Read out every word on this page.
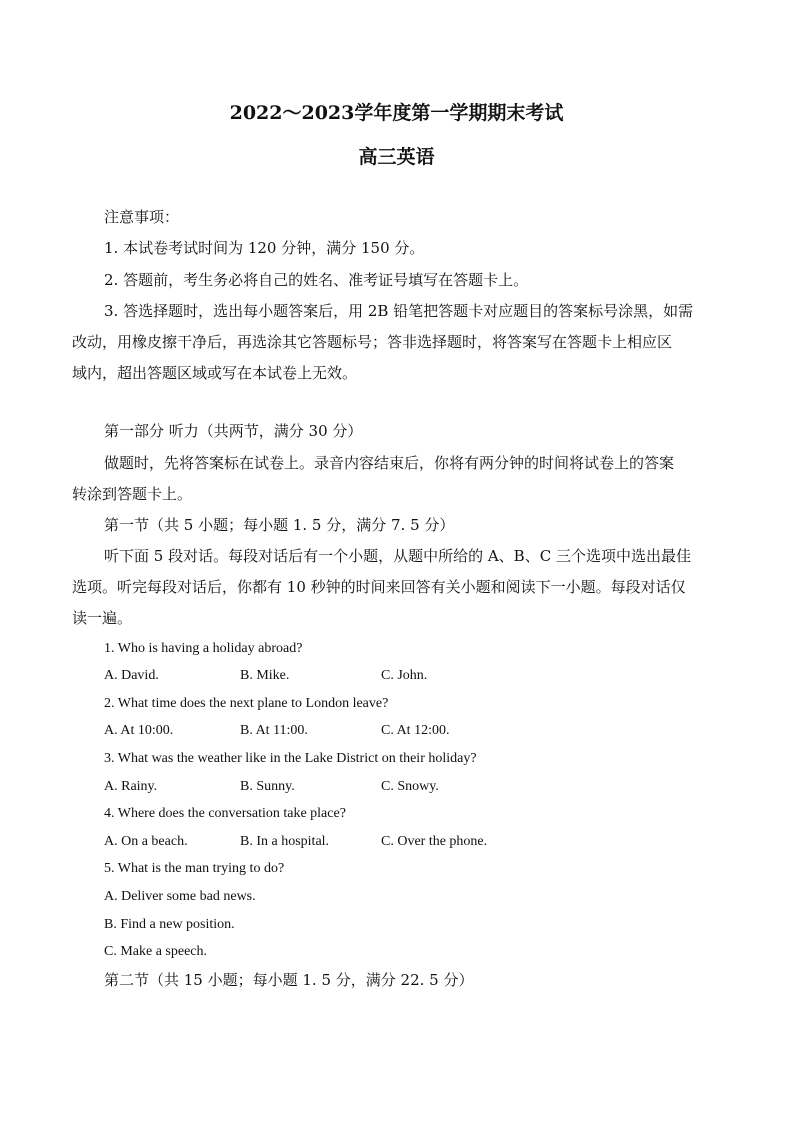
2022～2023学年度第一学期期末考试
高三英语
注意事项：
1. 本试卷考试时间为 120 分钟，满分 150 分。
2. 答题前，考生务必将自己的姓名、准考证号填写在答题卡上。
3. 答选择题时，选出每小题答案后，用 2B 铅笔把答题卡对应题目的答案标号涂黑，如需
改动，用橡皮擦干净后，再选涂其它答题标号；答非选择题时，将答案写在答题卡上相应区
域内，超出答题区域或写在本试卷上无效。
第一部分 听力（共两节，满分 30 分）
做题时，先将答案标在试卷上。录音内容结束后，你将有两分钟的时间将试卷上的答案
转涂到答题卡上。
第一节（共 5 小题；每小题 1. 5 分，满分 7. 5 分）
听下面 5 段对话。每段对话后有一个小题，从题中所给的 A、B、C 三个选项中选出最佳
选项。听完每段对话后，你都有 10 秒钟的时间来回答有关小题和阅读下一小题。每段对话仅
读一遍。
1. Who is having a holiday abroad?
A. David.	B. Mike.	C. John.
2. What time does the next plane to London leave?
A. At 10:00.	B. At 11:00.	C. At 12:00.
3. What was the weather like in the Lake District on their holiday?
A. Rainy.	B. Sunny.	C. Snowy.
4. Where does the conversation take place?
A. On a beach.	B. In a hospital.	C. Over the phone.
5. What is the man trying to do?
A. Deliver some bad news.
B. Find a new position.
C. Make a speech.
第二节（共 15 小题；每小题 1. 5 分，满分 22. 5 分）
